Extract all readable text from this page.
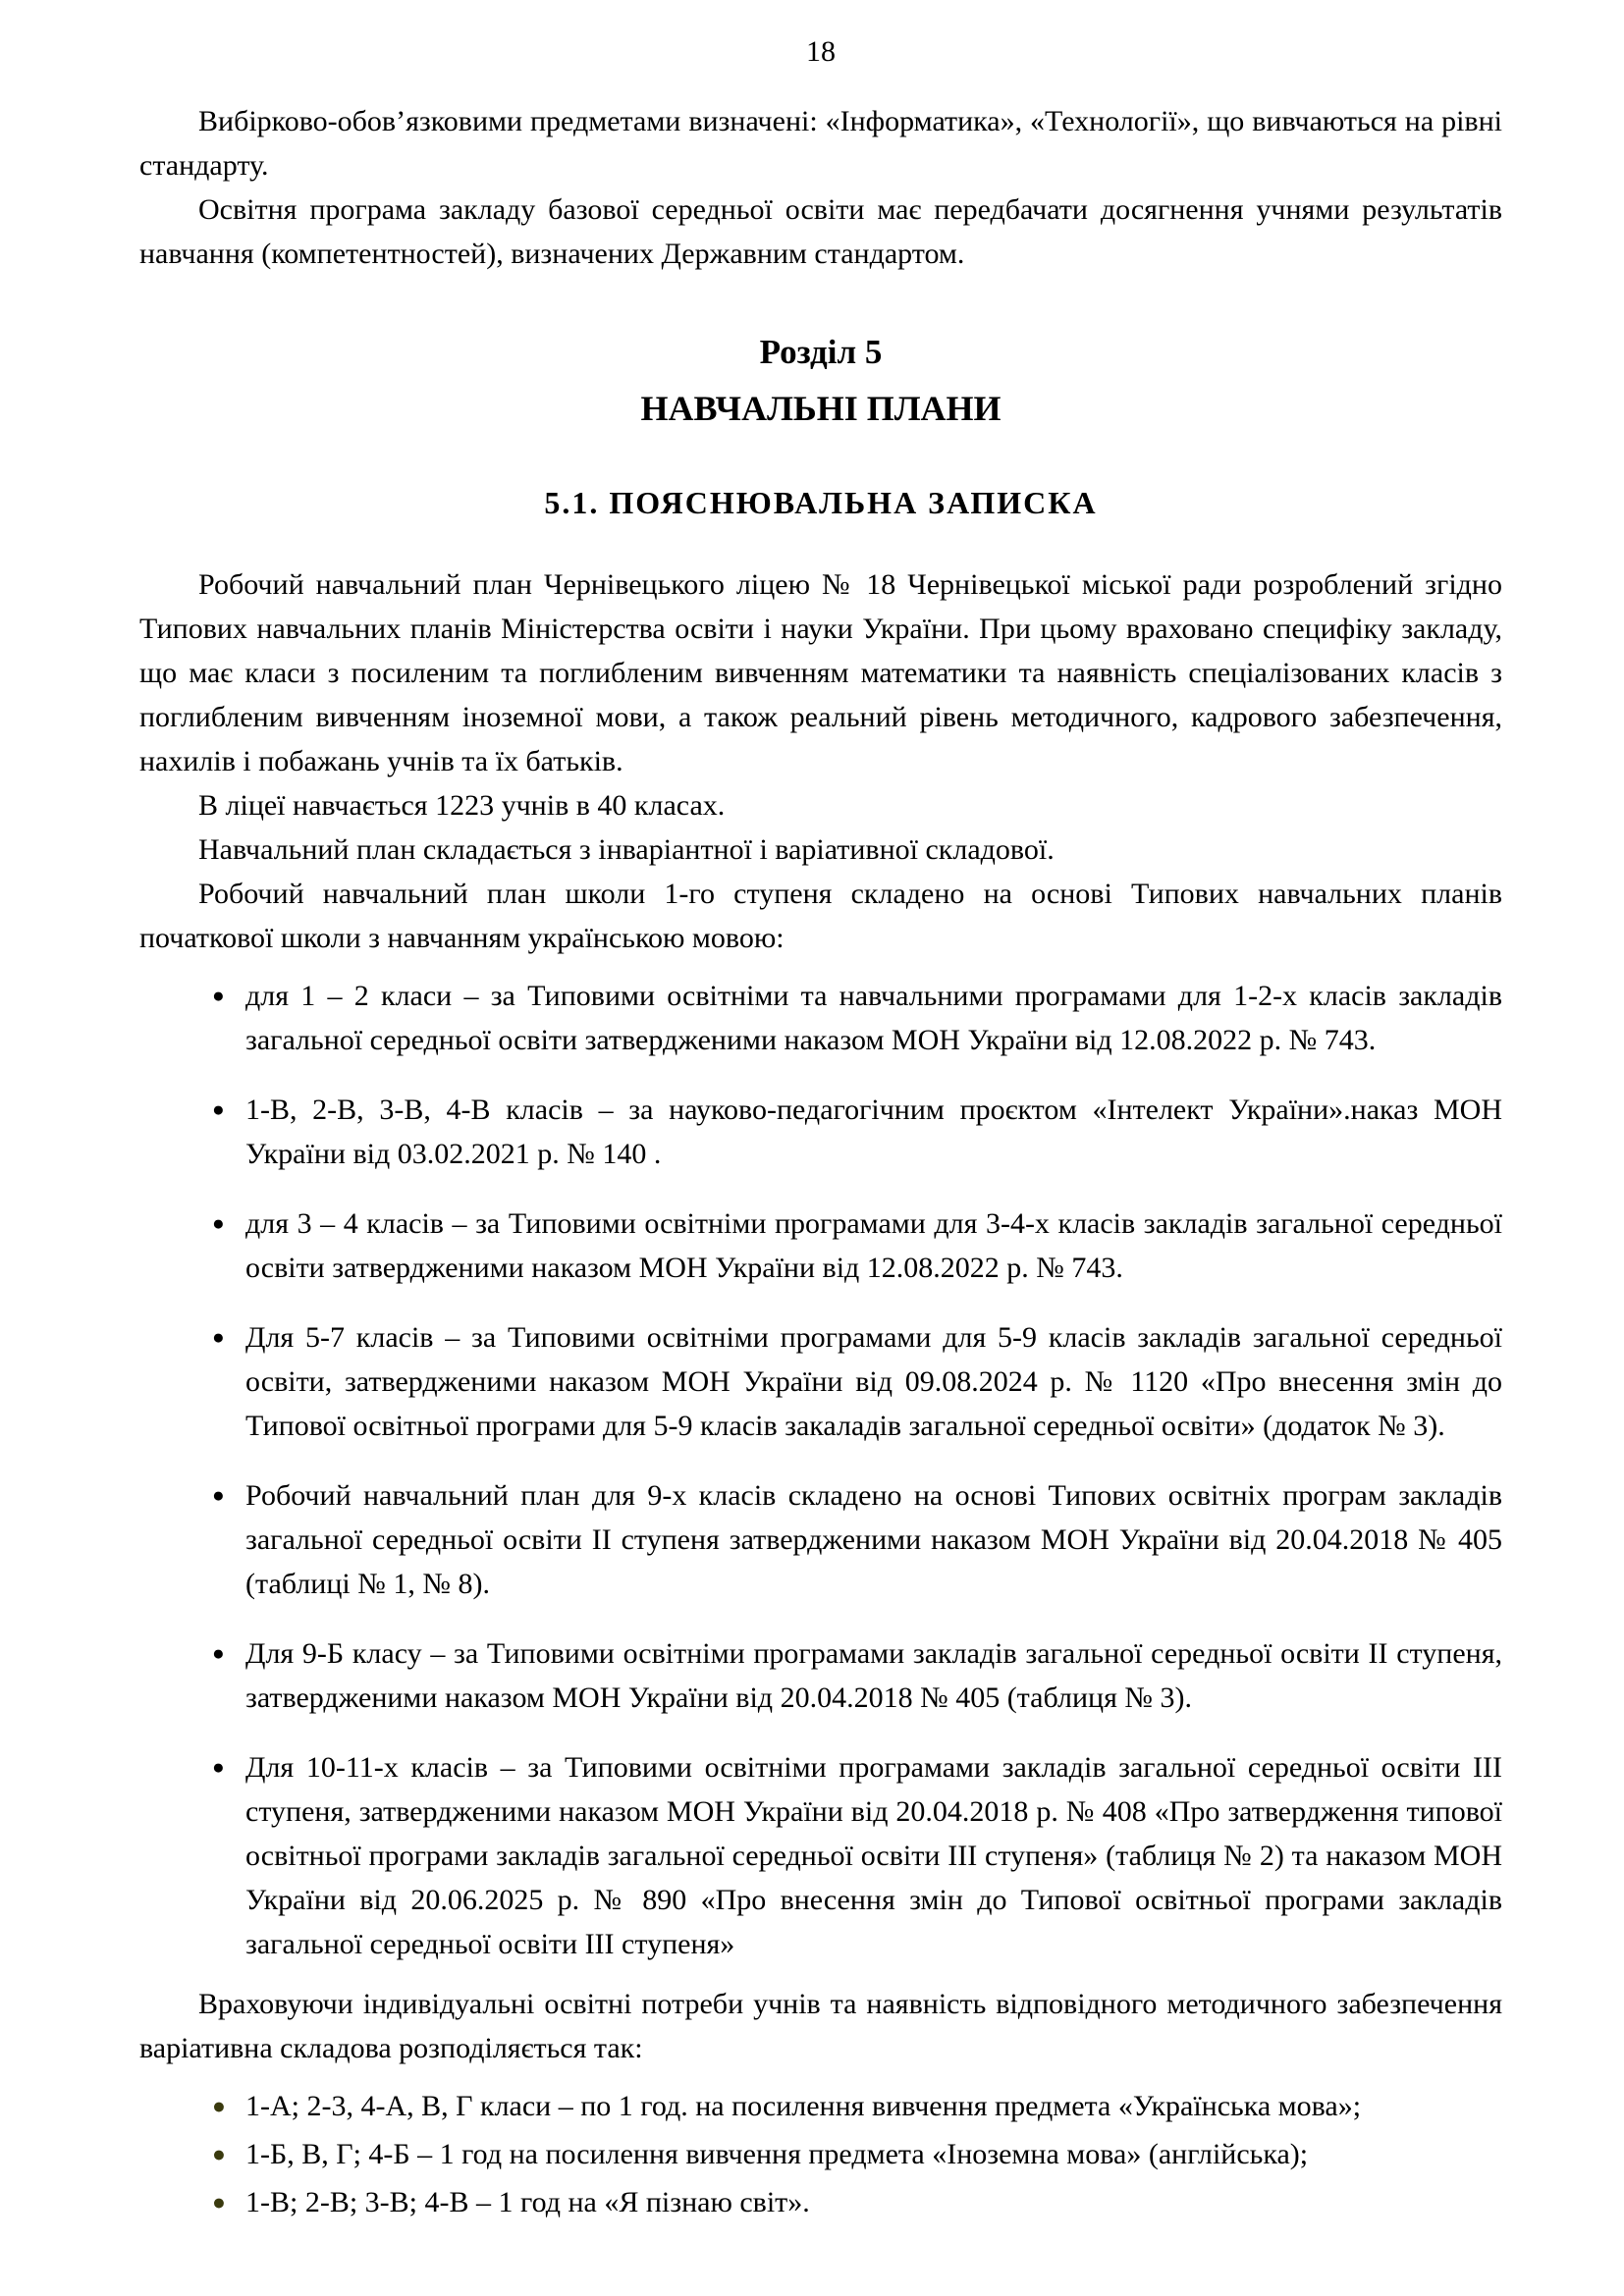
18

Вибірково-обов’язковими предметами визначені: «Інформатика», «Технології», що вивчаються на рівні стандарту.

Освітня програма закладу базової середньої освіти має передбачати досягнення учнями результатів навчання (компетентностей), визначених Державним стандартом.

Розділ 5
НАВЧАЛЬНІ ПЛАНИ
5.1. ПОЯСНЮВАЛЬНА ЗАПИСКА

Робочий навчальний план Чернівецького ліцею № 18 Чернівецької міської ради розроблений згідно Типових навчальних планів Міністерства освіти і науки України. При цьому враховано специфіку закладу, що має класи з посиленим та поглибленим вивченням математики та наявність спеціалізованих класів з поглибленим вивченням іноземної мови, а також реальний рівень методичного, кадрового забезпечення, нахилів і побажань учнів та їх батьків.

В ліцеї навчається 1223 учнів в 40 класах.

Навчальний план складається з інваріантної і варіативної складової.

Робочий навчальний план школи 1-го ступеня складено на основі Типових навчальних планів початкової школи з навчанням українською мовою:

● для 1 – 2 класи – за Типовими освітніми та навчальними програмами для 1-2-х класів закладів загальної середньої освіти затвердженими наказом МОН України від 12.08.2022 р. № 743.
● 1-В, 2-В, 3-В, 4-В класів – за науково-педагогічним проєктом «Інтелект України».наказ МОН України від 03.02.2021 р. № 140 .
● для 3 – 4 класів – за Типовими освітніми програмами для 3-4-х класів закладів загальної середньої освіти затвердженими наказом МОН України від 12.08.2022 р. № 743.
● Для 5-7 класів – за Типовими освітніми програмами для 5-9 класів закладів загальної середньої освіти, затвердженими наказом МОН України від 09.08.2024 р. № 1120 «Про внесення змін до Типової освітньої програми для 5-9 класів закаладів загальної середньої освіти» (додаток № 3).
● Робочий навчальний план для 9-х класів складено на основі Типових освітніх програм закладів загальної середньої освіти ІІ ступеня затвердженими наказом МОН України від 20.04.2018 № 405 (таблиці № 1, № 8).
● Для 9-Б класу – за Типовими освітніми програмами закладів загальної середньої освіти ІІ ступеня, затвердженими наказом МОН України від 20.04.2018 № 405 (таблиця № 3).
● Для 10-11-х класів – за Типовими освітніми програмами закладів загальної середньої освіти ІІІ ступеня, затвердженими наказом МОН України від 20.04.2018 р. № 408 «Про затвердження типової освітньої програми закладів загальної середньої освіти ІІІ ступеня» (таблиця № 2) та наказом МОН України від 20.06.2025 р. № 890 «Про внесення змін до Типової освітньої програми закладів загальної середньої освіти ІІІ ступеня»

Враховуючи індивідуальні освітні потреби учнів та наявність відповідного методичного забезпечення варіативна складова розподіляється так:

● 1-А; 2-3, 4-А, В, Г класи – по 1 год. на посилення вивчення предмета «Українська мова»;
● 1-Б, В, Г; 4-Б – 1 год на посилення вивчення предмета «Іноземна мова» (англійська);
● 1-В; 2-В; 3-В; 4-В – 1 год на «Я пізнаю світ».
